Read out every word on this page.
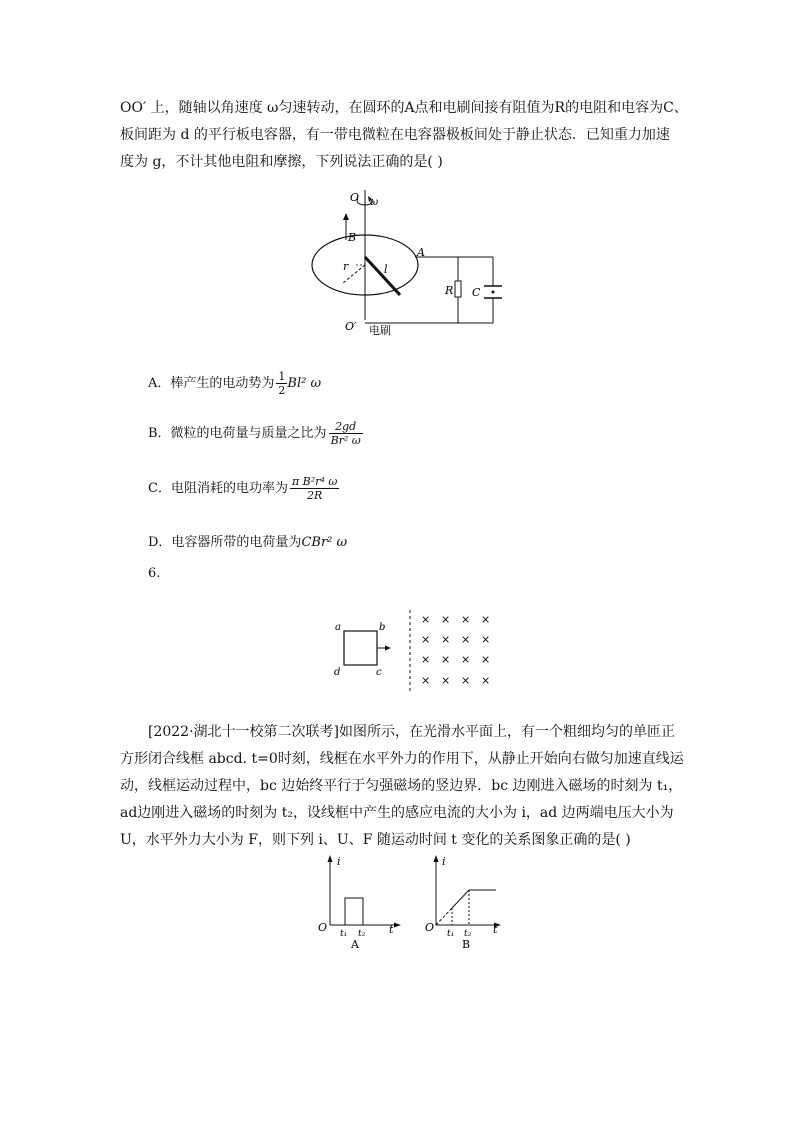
OO′ 上，随轴以角速度 ω匀速转动，在圆环的A点和电刷间接有阻值为R的电阻和电容为C、
板间距为 d 的平行板电容器，有一带电微粒在电容器极板间处于静止状态．已知重力加速
度为 g，不计其他电阻和摩擦，下列说法正确的是( )
O ω
B
A
r	l
R C
O′ 电刷
A．棒产生的电动势为 $\frac{1}{2} Bl^2$ ω
B．微粒的电荷量与质量之比为 $\frac{2gd}{\text{Br² ω}}$
C．电阻消耗的电功率为 $\frac{\text{π B²r⁴ ω}}{2R}$
D．电容器所带的电荷量为CBr² ω
6.
a	b
c
d
× × × ×
× × × ×
× × × ×
× × × ×
[2022·湖北十一校第二次联考]如图所示，在光滑水平面上，有一个粗细均匀的单匝正
方形闭合线框 abcd. t=0时刻，线框在水平外力的作用下，从静止开始向右做匀加速直线运
动，线框运动过程中，bc 边始终平行于匀强磁场的竖边界．bc 边刚进入磁场的时刻为 t₁，
ad边刚进入磁场的时刻为 t₂，设线框中产生的感应电流的大小为 i，ad 边两端电压大小为
U，水平外力大小为 F，则下列 i、U、F 随运动时间 t 变化的关系图象正确的是( )
i
O	t
t₁ t₂
A
i
O	t
t₁ t₂
B
